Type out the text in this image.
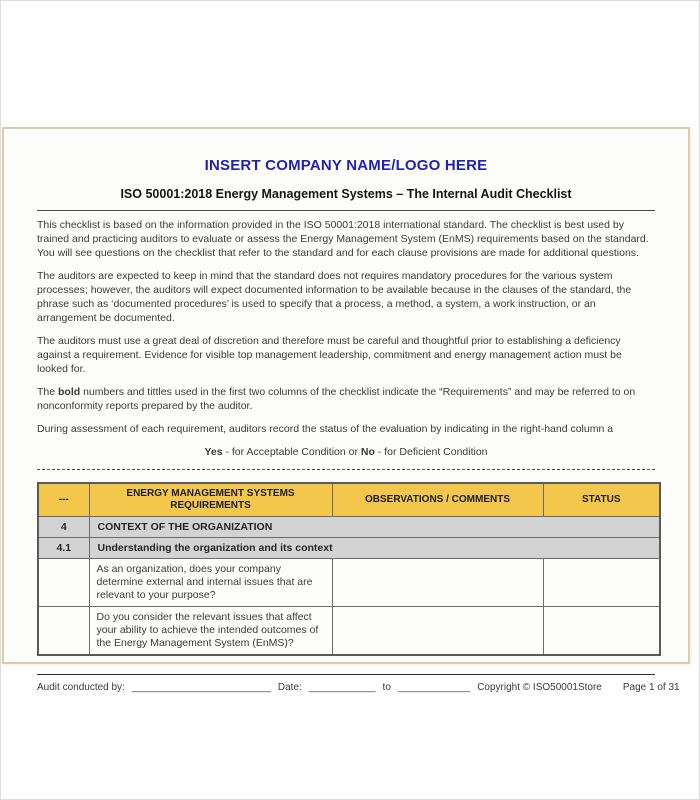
INSERT COMPANY NAME/LOGO HERE
ISO 50001:2018 Energy Management Systems – The Internal Audit Checklist

This checklist is based on the information provided in the ISO 50001:2018 international standard. The checklist is best used by trained and practicing auditors to evaluate or assess the Energy Management System (EnMS) requirements based on the standard. You will see questions on the checklist that refer to the standard and for each clause provisions are made for additional questions.

The auditors are expected to keep in mind that the standard does not requires mandatory procedures for the various system processes; however, the auditors will expect documented information to be available because in the clauses of the standard, the phrase such as ‘documented procedures’ is used to specify that a process, a method, a system, a work instruction, or an arrangement be documented.

The auditors must use a great deal of discretion and therefore must be careful and thoughtful prior to establishing a deficiency against a requirement. Evidence for visible top management leadership, commitment and energy management action must be looked for.

The bold numbers and tittles used in the first two columns of the checklist indicate the “Requirements” and may be referred to on nonconformity reports prepared by the auditor.

During assessment of each requirement, auditors record the status of the evaluation by indicating in the right-hand column a

Yes - for Acceptable Condition or No - for Deficient Condition

---	ENERGY MANAGEMENT SYSTEMS REQUIREMENTS	OBSERVATIONS / COMMENTS	STATUS
4	CONTEXT OF THE ORGANIZATION		
4.1	Understanding the organization and its context		
	As an organization, does your company determine external and internal issues that are relevant to your purpose?		
	Do you consider the relevant issues that affect your ability to achieve the intended outcomes of the Energy Management System (EnMS)?		
Audit conducted by: _________________________ Date: ____________ to _____________ Copyright © ISO50001Store Page 1 of 31
